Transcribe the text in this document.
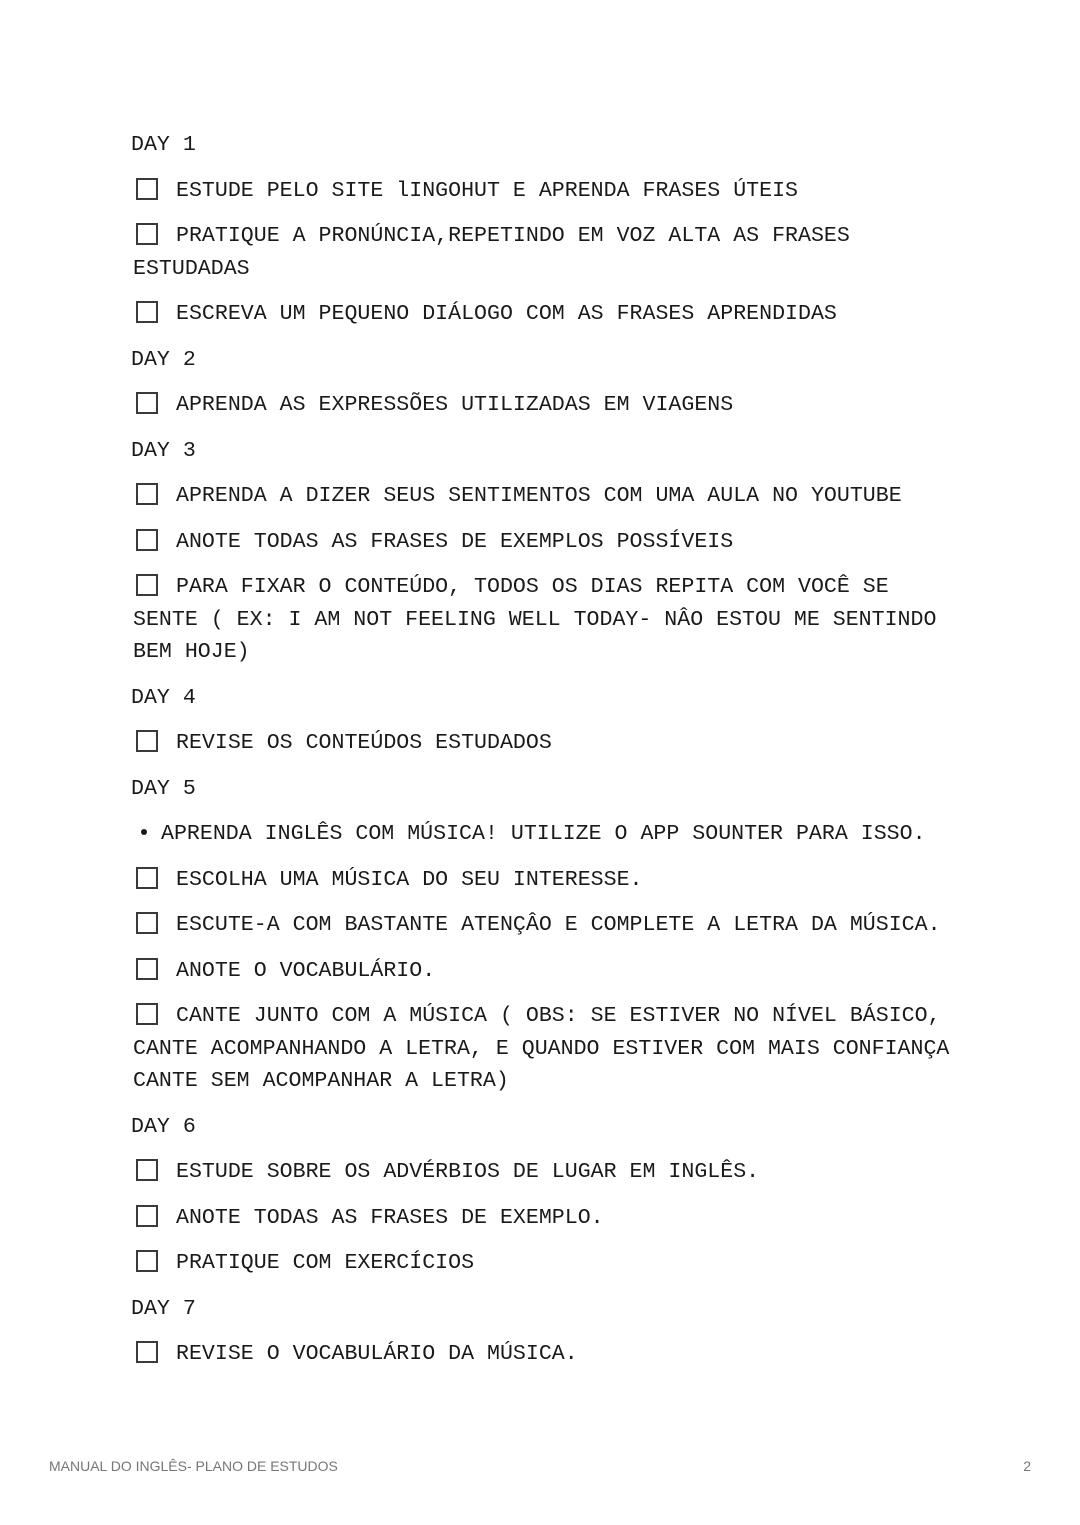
DAY 1
ESTUDE PELO SITE lINGOHUT E APRENDA FRASES ÚTEIS
PRATIQUE A PRONÚNCIA,REPETINDO EM VOZ ALTA AS FRASES ESTUDADAS
ESCREVA UM PEQUENO DIÁLOGO COM AS FRASES APRENDIDAS
DAY 2
APRENDA AS EXPRESSÕES UTILIZADAS EM VIAGENS
DAY 3
APRENDA A DIZER SEUS SENTIMENTOS COM UMA AULA NO YOUTUBE
ANOTE TODAS AS FRASES DE EXEMPLOS POSSÍVEIS
PARA FIXAR O CONTEÚDO, TODOS OS DIAS REPITA COM VOCÊ SE SENTE ( EX: I AM NOT FEELING WELL TODAY- NÂO ESTOU ME SENTINDO BEM HOJE)
DAY 4
REVISE OS CONTEÚDOS ESTUDADOS
DAY 5
APRENDA INGLÊS COM MÚSICA! UTILIZE O APP SOUNTER PARA ISSO.
ESCOLHA UMA MÚSICA DO SEU INTERESSE.
ESCUTE-A COM BASTANTE ATENÇÂO E COMPLETE A LETRA DA MÚSICA.
ANOTE O VOCABULÁRIO.
CANTE JUNTO COM A MÚSICA ( OBS: SE ESTIVER NO NÍVEL BÁSICO, CANTE ACOMPANHANDO A LETRA, E QUANDO ESTIVER COM MAIS CONFIANÇA CANTE SEM ACOMPANHAR A LETRA)
DAY 6
ESTUDE SOBRE OS ADVÉRBIOS DE LUGAR EM INGLÊS.
ANOTE TODAS AS FRASES DE EXEMPLO.
PRATIQUE COM EXERCÍCIOS
DAY 7
REVISE O VOCABULÁRIO DA MÚSICA.
MANUAL DO INGLÊS- PLANO DE ESTUDOS	2
